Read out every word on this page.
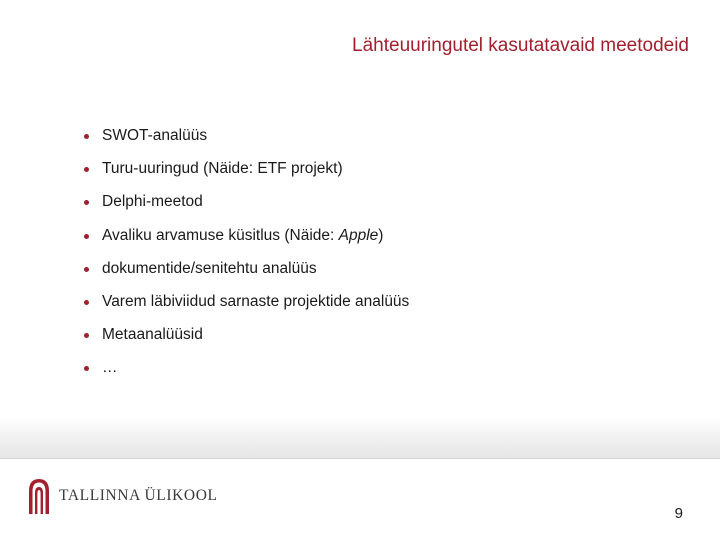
Lähteuuringutel kasutatavaid meetodeid
SWOT-analüüs
Turu-uuringud (Näide: ETF projekt)
Delphi-meetod
Avaliku arvamuse küsitlus (Näide: Apple)
dokumentide/senitehtu analüüs
Varem läbiviidud sarnaste projektide analüüs
Metaanalüüsid
…
TALLINNA ÜLIKOOL
9
